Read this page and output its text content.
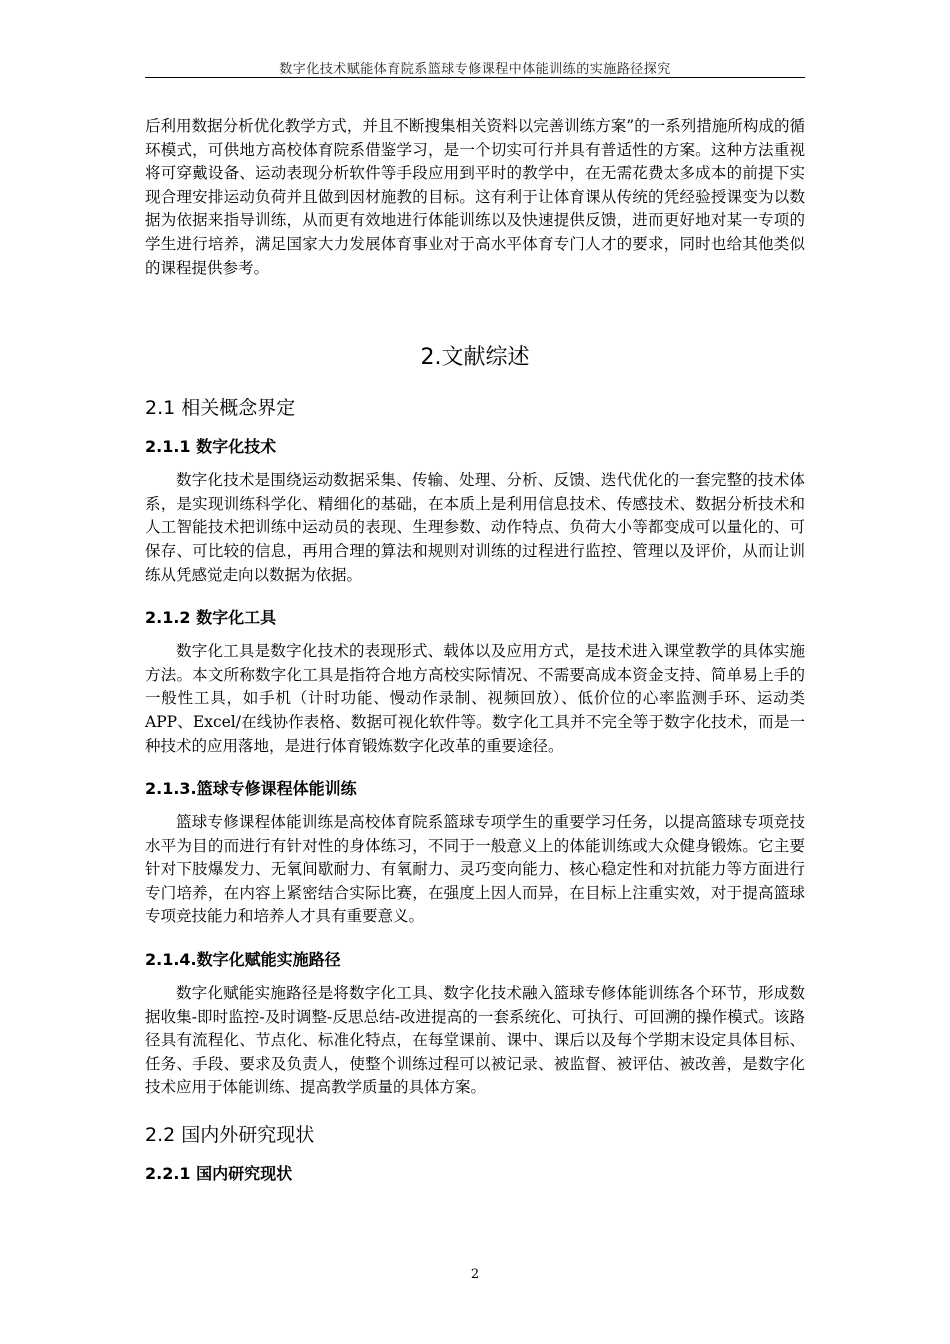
数字化技术赋能体育院系篮球专修课程中体能训练的实施路径探究

后利用数据分析优化教学方式，并且不断搜集相关资料以完善训练方案”的一系列措施所构成的循环模式，可供地方高校体育院系借鉴学习，是一个切实可行并具有普适性的方案。这种方法重视将可穿戴设备、运动表现分析软件等手段应用到平时的教学中，在无需花费太多成本的前提下实现合理安排运动负荷并且做到因材施教的目标。这有利于让体育课从传统的凭经验授课变为以数据为依据来指导训练，从而更有效地进行体能训练以及快速提供反馈，进而更好地对某一专项的学生进行培养，满足国家大力发展体育事业对于高水平体育专门人才的要求，同时也给其他类似的课程提供参考。

2.文献综述
2.1 相关概念界定
2.1.1 数字化技术

数字化技术是围绕运动数据采集、传输、处理、分析、反馈、迭代优化的一套完整的技术体系，是实现训练科学化、精细化的基础，在本质上是利用信息技术、传感技术、数据分析技术和人工智能技术把训练中运动员的表现、生理参数、动作特点、负荷大小等都变成可以量化的、可保存、可比较的信息，再用合理的算法和规则对训练的过程进行监控、管理以及评价，从而让训练从凭感觉走向以数据为依据。

2.1.2 数字化工具

数字化工具是数字化技术的表现形式、载体以及应用方式，是技术进入课堂教学的具体实施方法。本文所称数字化工具是指符合地方高校实际情况、不需要高成本资金支持、简单易上手的一般性工具，如手机（计时功能、慢动作录制、视频回放）、低价位的心率监测手环、运动类APP、Excel/在线协作表格、数据可视化软件等。数字化工具并不完全等于数字化技术，而是一种技术的应用落地，是进行体育锻炼数字化改革的重要途径。

2.1.3.篮球专修课程体能训练

篮球专修课程体能训练是高校体育院系篮球专项学生的重要学习任务，以提高篮球专项竞技水平为目的而进行有针对性的身体练习，不同于一般意义上的体能训练或大众健身锻炼。它主要针对下肢爆发力、无氧间歇耐力、有氧耐力、灵巧变向能力、核心稳定性和对抗能力等方面进行专门培养，在内容上紧密结合实际比赛，在强度上因人而异，在目标上注重实效，对于提高篮球专项竞技能力和培养人才具有重要意义。

2.1.4.数字化赋能实施路径

数字化赋能实施路径是将数字化工具、数字化技术融入篮球专修体能训练各个环节，形成数据收集-即时监控-及时调整-反思总结-改进提高的一套系统化、可执行、可回溯的操作模式。该路径具有流程化、节点化、标准化特点，在每堂课前、课中、课后以及每个学期末设定具体目标、任务、手段、要求及负责人，使整个训练过程可以被记录、被监督、被评估、被改善，是数字化技术应用于体能训练、提高教学质量的具体方案。

2.2 国内外研究现状
2.2.1 国内研究现状
2
